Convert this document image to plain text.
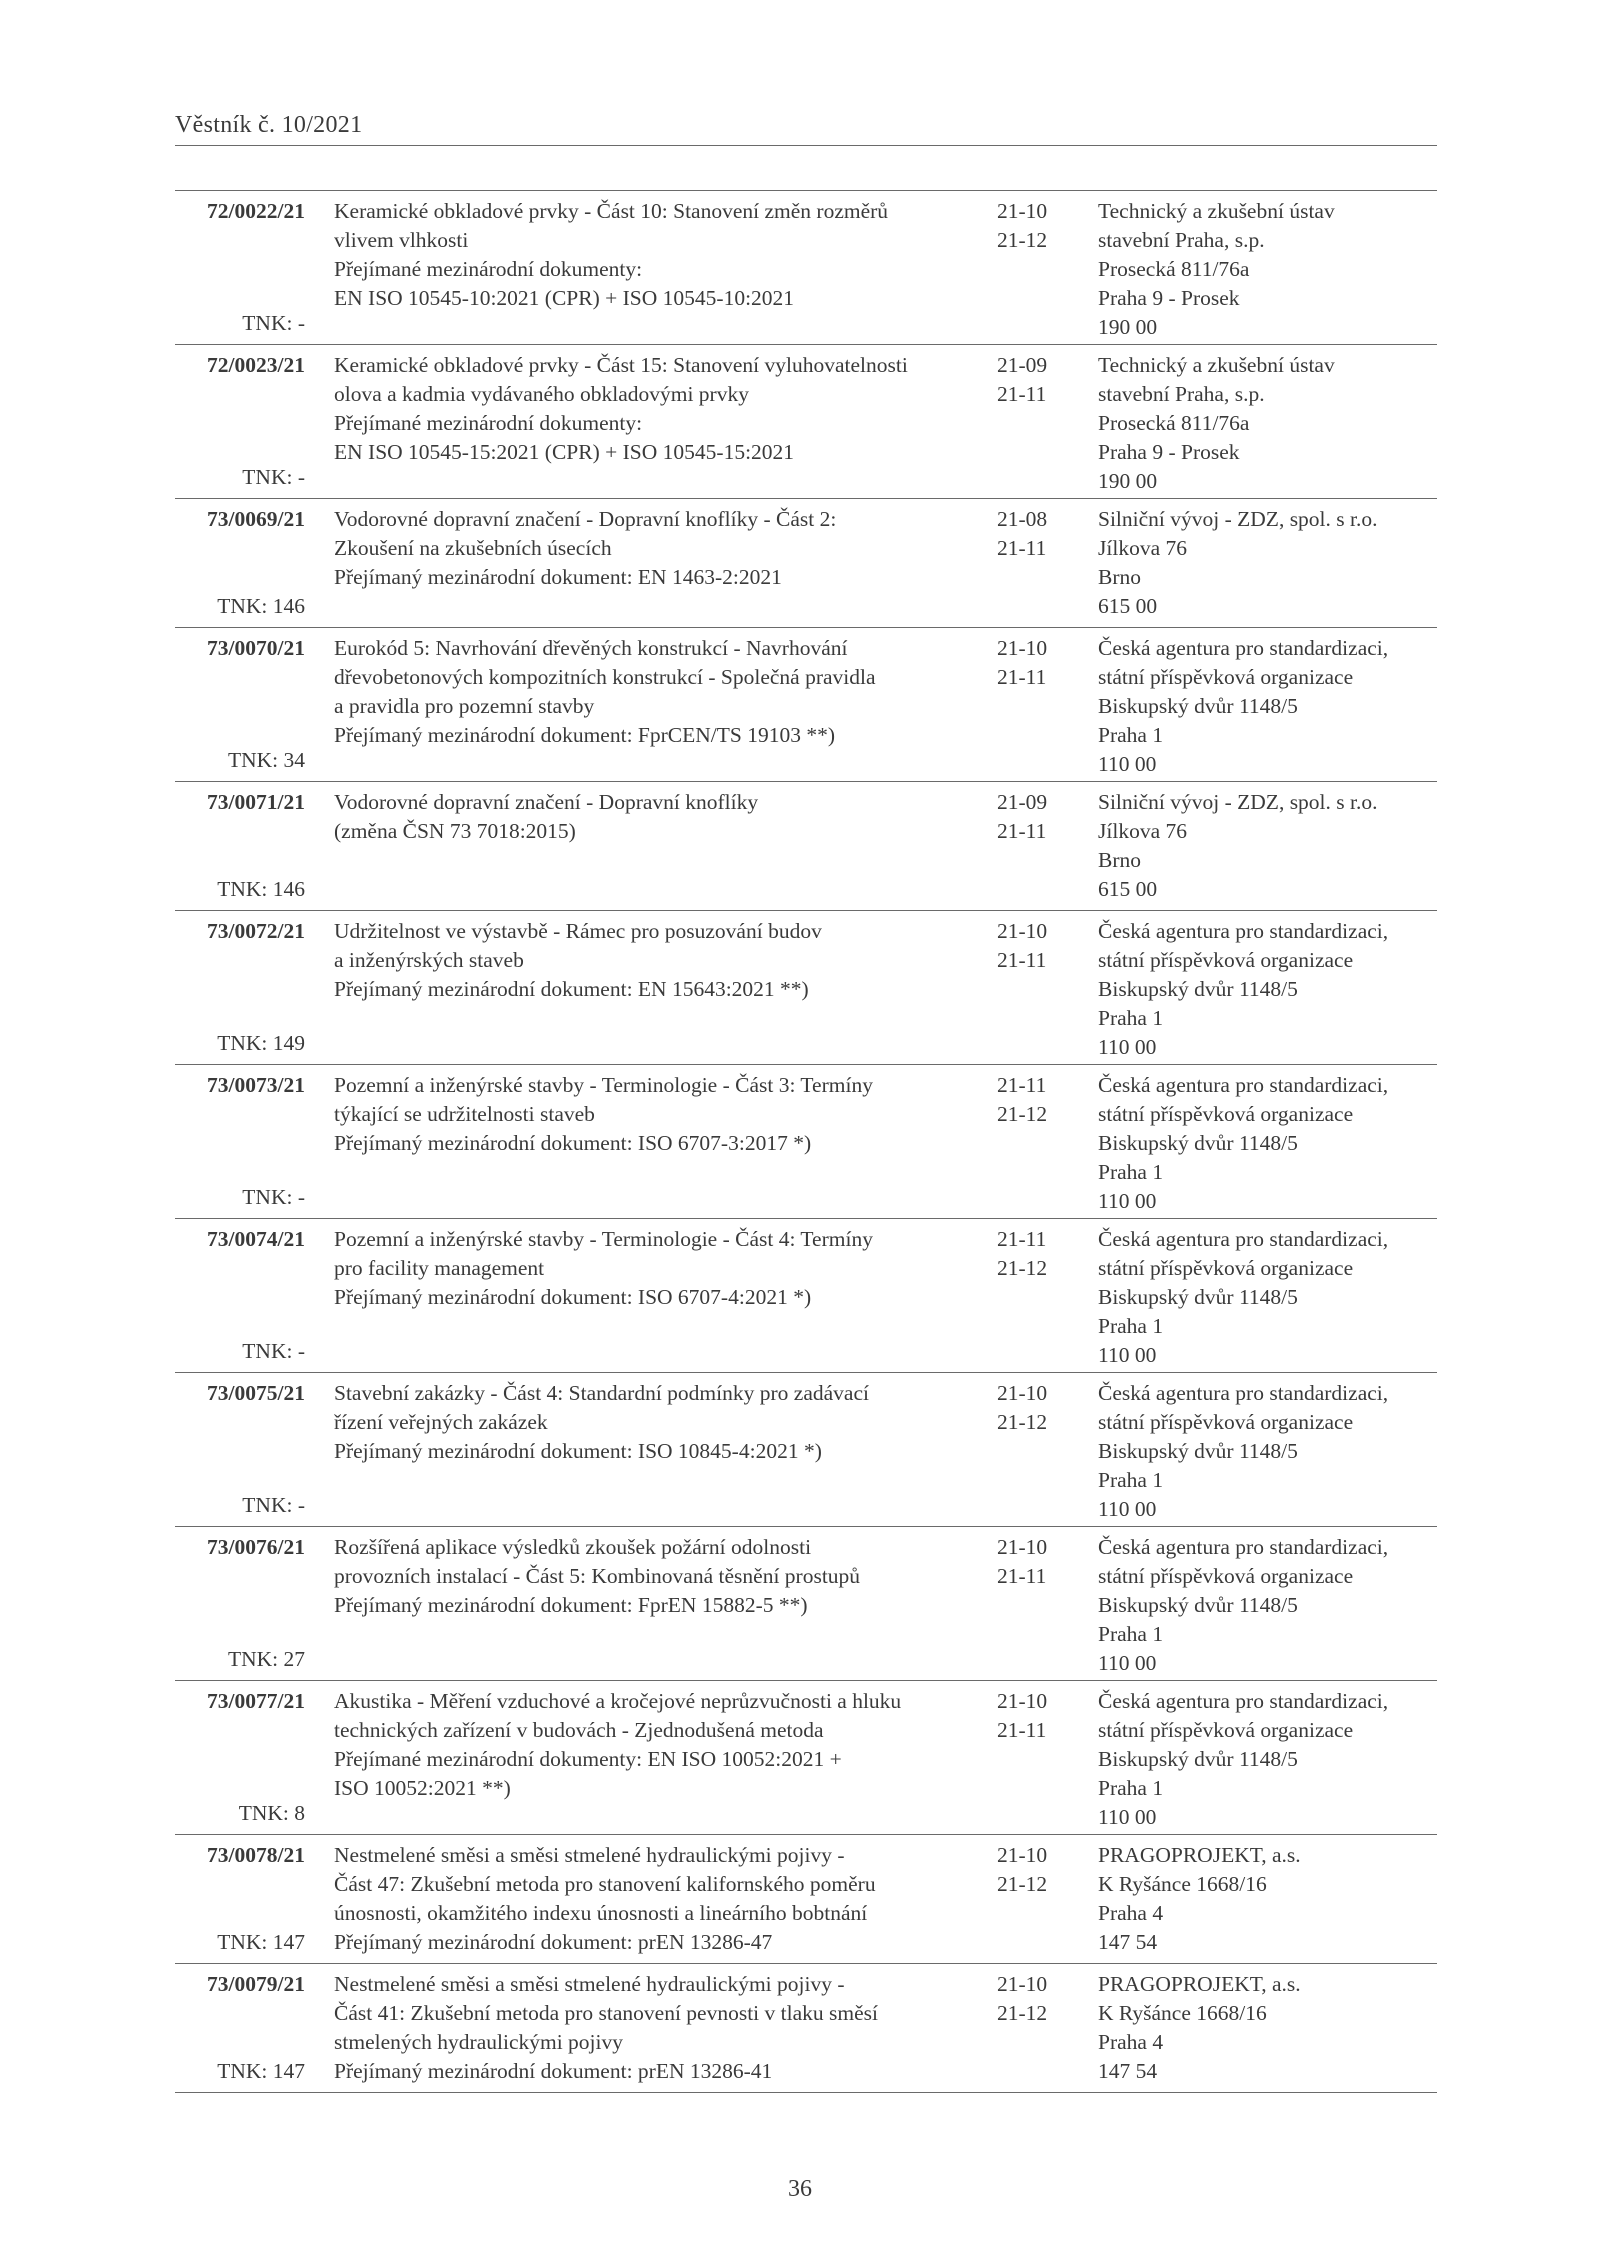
Věstník č. 10/2021
72/0022/21
TNK: -
Keramické obkladové prvky - Část 10: Stanovení změn rozměrů
vlivem vlhkosti
Přejímané mezinárodní dokumenty:
EN ISO 10545-10:2021 (CPR) + ISO 10545-10:2021
21-10
21-12
Technický a zkušební ústav
stavební Praha, s.p.
Prosecká 811/76a
Praha 9 - Prosek
190 00
72/0023/21
TNK: -
Keramické obkladové prvky - Část 15: Stanovení vyluhovatelnosti
olova a kadmia vydávaného obkladovými prvky
Přejímané mezinárodní dokumenty:
EN ISO 10545-15:2021 (CPR) + ISO 10545-15:2021
21-09
21-11
Technický a zkušební ústav
stavební Praha, s.p.
Prosecká 811/76a
Praha 9 - Prosek
190 00
73/0069/21
TNK: 146
Vodorovné dopravní značení - Dopravní knoflíky - Část 2:
Zkoušení na zkušebních úsecích
Přejímaný mezinárodní dokument: EN 1463-2:2021
21-08
21-11
Silniční vývoj - ZDZ, spol. s r.o.
Jílkova 76
Brno
615 00
73/0070/21
TNK: 34
Eurokód 5: Navrhování dřevěných konstrukcí - Navrhování
dřevobetonových kompozitních konstrukcí - Společná pravidla
a pravidla pro pozemní stavby
Přejímaný mezinárodní dokument: FprCEN/TS 19103 **)
21-10
21-11
Česká agentura pro standardizaci,
státní příspěvková organizace
Biskupský dvůr 1148/5
Praha 1
110 00
73/0071/21
TNK: 146
Vodorovné dopravní značení - Dopravní knoflíky
(změna ČSN 73 7018:2015)
21-09
21-11
Silniční vývoj - ZDZ, spol. s r.o.
Jílkova 76
Brno
615 00
73/0072/21
TNK: 149
Udržitelnost ve výstavbě - Rámec pro posuzování budov
a inženýrských staveb
Přejímaný mezinárodní dokument: EN 15643:2021 **)
21-10
21-11
Česká agentura pro standardizaci,
státní příspěvková organizace
Biskupský dvůr 1148/5
Praha 1
110 00
73/0073/21
TNK: -
Pozemní a inženýrské stavby - Terminologie - Část 3: Termíny
týkající se udržitelnosti staveb
Přejímaný mezinárodní dokument: ISO 6707-3:2017 *)
21-11
21-12
Česká agentura pro standardizaci,
státní příspěvková organizace
Biskupský dvůr 1148/5
Praha 1
110 00
73/0074/21
TNK: -
Pozemní a inženýrské stavby - Terminologie - Část 4: Termíny
pro facility management
Přejímaný mezinárodní dokument: ISO 6707-4:2021 *)
21-11
21-12
Česká agentura pro standardizaci,
státní příspěvková organizace
Biskupský dvůr 1148/5
Praha 1
110 00
73/0075/21
TNK: -
Stavební zakázky - Část 4: Standardní podmínky pro zadávací
řízení veřejných zakázek
Přejímaný mezinárodní dokument: ISO 10845-4:2021 *)
21-10
21-12
Česká agentura pro standardizaci,
státní příspěvková organizace
Biskupský dvůr 1148/5
Praha 1
110 00
73/0076/21
TNK: 27
Rozšířená aplikace výsledků zkoušek požární odolnosti
provozních instalací - Část 5: Kombinovaná těsnění prostupů
Přejímaný mezinárodní dokument: FprEN 15882-5 **)
21-10
21-11
Česká agentura pro standardizaci,
státní příspěvková organizace
Biskupský dvůr 1148/5
Praha 1
110 00
73/0077/21
TNK: 8
Akustika - Měření vzduchové a kročejové neprůzvučnosti a hluku
technických zařízení v budovách - Zjednodušená metoda
Přejímané mezinárodní dokumenty: EN ISO 10052:2021 +
ISO 10052:2021 **)
21-10
21-11
Česká agentura pro standardizaci,
státní příspěvková organizace
Biskupský dvůr 1148/5
Praha 1
110 00
73/0078/21
TNK: 147
Nestmelené směsi a směsi stmelené hydraulickými pojivy -
Část 47: Zkušební metoda pro stanovení kalifornského poměru
únosnosti, okamžitého indexu únosnosti a lineárního bobtnání
Přejímaný mezinárodní dokument: prEN 13286-47
21-10
21-12
PRAGOPROJEKT, a.s.
K Ryšánce 1668/16
Praha 4
147 54
73/0079/21
TNK: 147
Nestmelené směsi a směsi stmelené hydraulickými pojivy -
Část 41: Zkušební metoda pro stanovení pevnosti v tlaku směsí
stmelených hydraulickými pojivy
Přejímaný mezinárodní dokument: prEN 13286-41
21-10
21-12
PRAGOPROJEKT, a.s.
K Ryšánce 1668/16
Praha 4
147 54
36
